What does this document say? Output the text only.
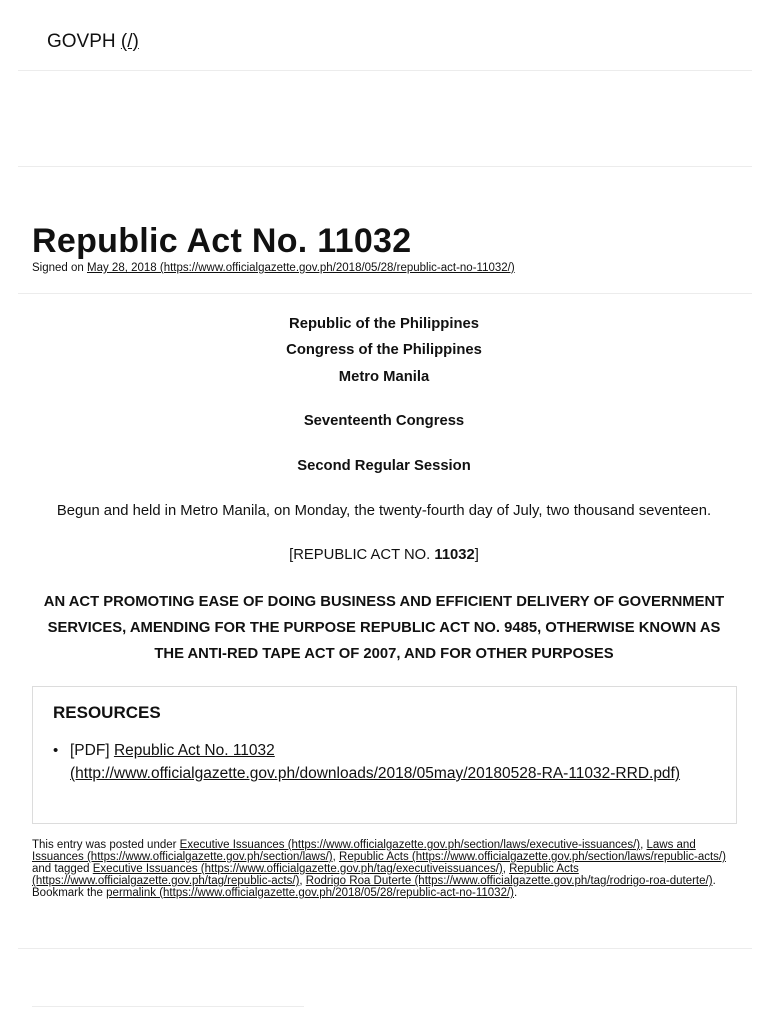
GOVPH (/)
Republic Act No. 11032
Signed on May 28, 2018 (https://www.officialgazette.gov.ph/2018/05/28/republic-act-no-11032/)
Republic of the Philippines
Congress of the Philippines
Metro Manila
Seventeenth Congress
Second Regular Session
Begun and held in Metro Manila, on Monday, the twenty-fourth day of July, two thousand seventeen.
[REPUBLIC ACT NO. 11032]
AN ACT PROMOTING EASE OF DOING BUSINESS AND EFFICIENT DELIVERY OF GOVERNMENT SERVICES, AMENDING FOR THE PURPOSE REPUBLIC ACT NO. 9485, OTHERWISE KNOWN AS THE ANTI-RED TAPE ACT OF 2007, AND FOR OTHER PURPOSES
RESOURCES
• [PDF] Republic Act No. 11032 (http://www.officialgazette.gov.ph/downloads/2018/05may/20180528-RA-11032-RRD.pdf)
This entry was posted under Executive Issuances (https://www.officialgazette.gov.ph/section/laws/executive-issuances/), Laws and Issuances (https://www.officialgazette.gov.ph/section/laws/), Republic Acts (https://www.officialgazette.gov.ph/section/laws/republic-acts/) and tagged Executive Issuances (https://www.officialgazette.gov.ph/tag/executiveissuances/), Republic Acts (https://www.officialgazette.gov.ph/tag/republic-acts/), Rodrigo Roa Duterte (https://www.officialgazette.gov.ph/tag/rodrigo-roa-duterte/). Bookmark the permalink (https://www.officialgazette.gov.ph/2018/05/28/republic-act-no-11032/).
